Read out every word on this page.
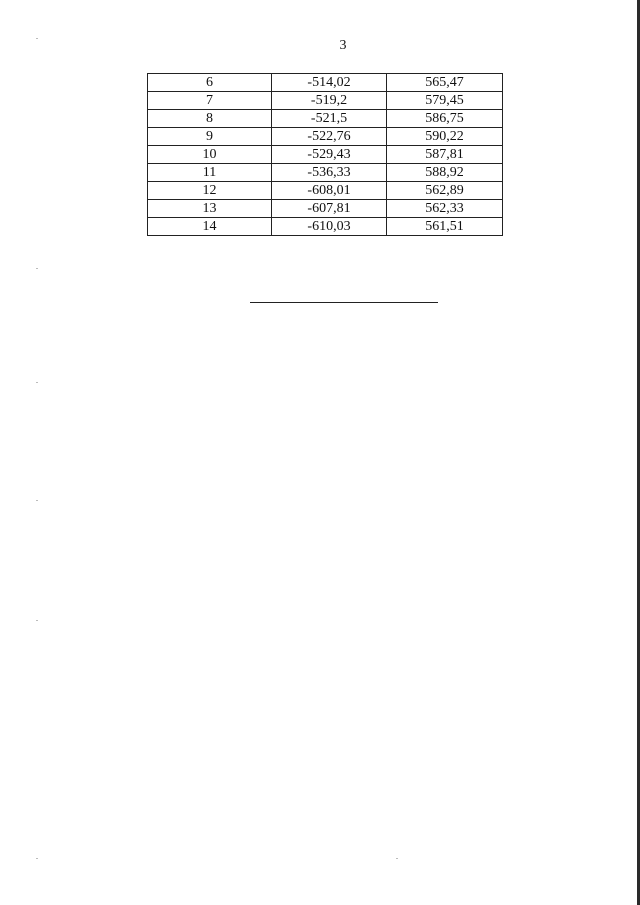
3
6	-514,02	565,47
7	-519,2	579,45
8	-521,5	586,75
9	-522,76	590,22
10	-529,43	587,81
11	-536,33	588,92
12	-608,01	562,89
13	-607,81	562,33
14	-610,03	561,51
